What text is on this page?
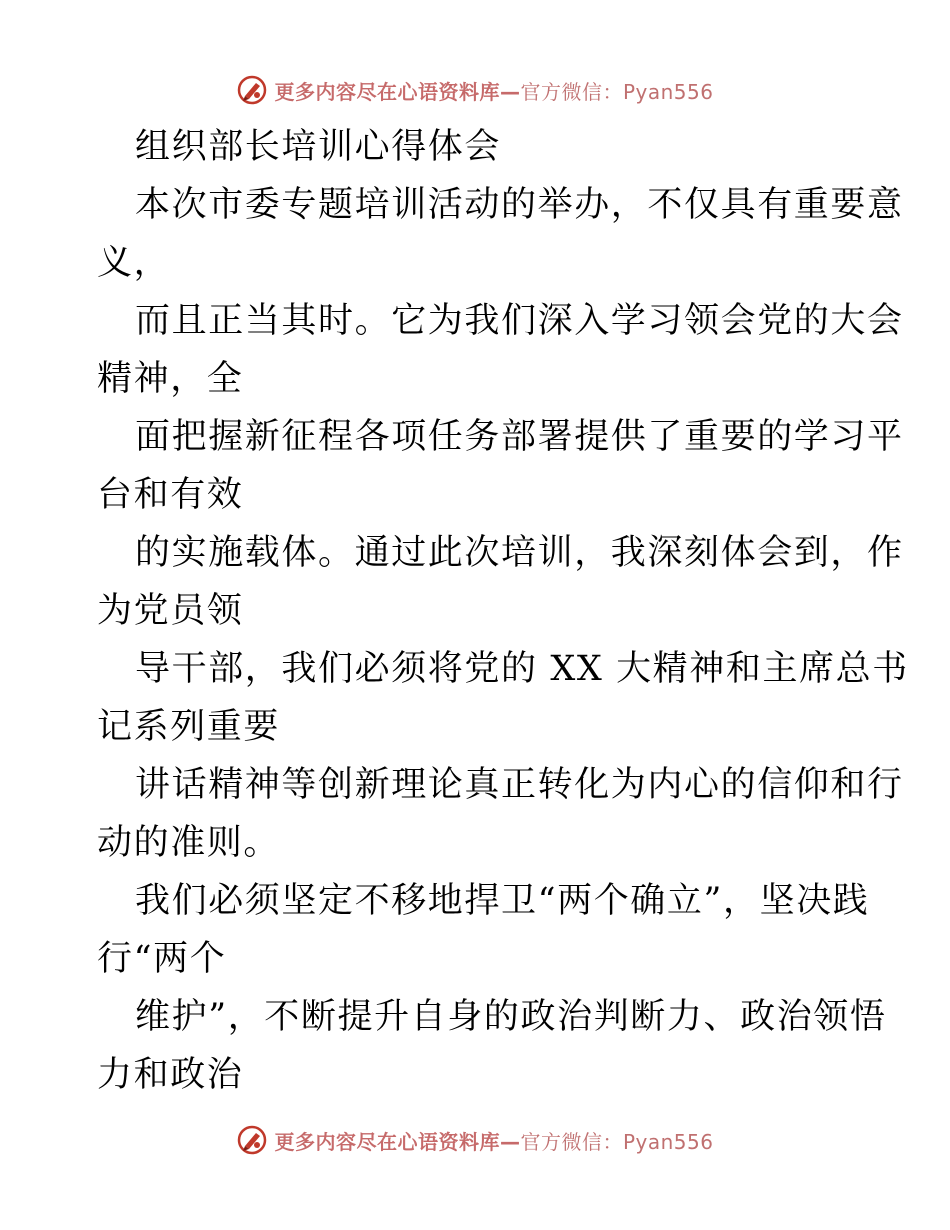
更多内容尽在心语资料库—官方微信：Pyan556
组织部长培训心得体会
本次市委专题培训活动的举办，不仅具有重要意
义，
而且正当其时。它为我们深入学习领会党的大会
精神，全
面把握新征程各项任务部署提供了重要的学习平
台和有效
的实施载体。通过此次培训，我深刻体会到，作
为党员领
导干部，我们必须将党的 XX 大精神和主席总书
记系列重要
讲话精神等创新理论真正转化为内心的信仰和行
动的准则。
我们必须坚定不移地捍卫“两个确立”，坚决践
行“两个
维护”，不断提升自身的政治判断力、政治领悟
力和政治
更多内容尽在心语资料库—官方微信：Pyan556
